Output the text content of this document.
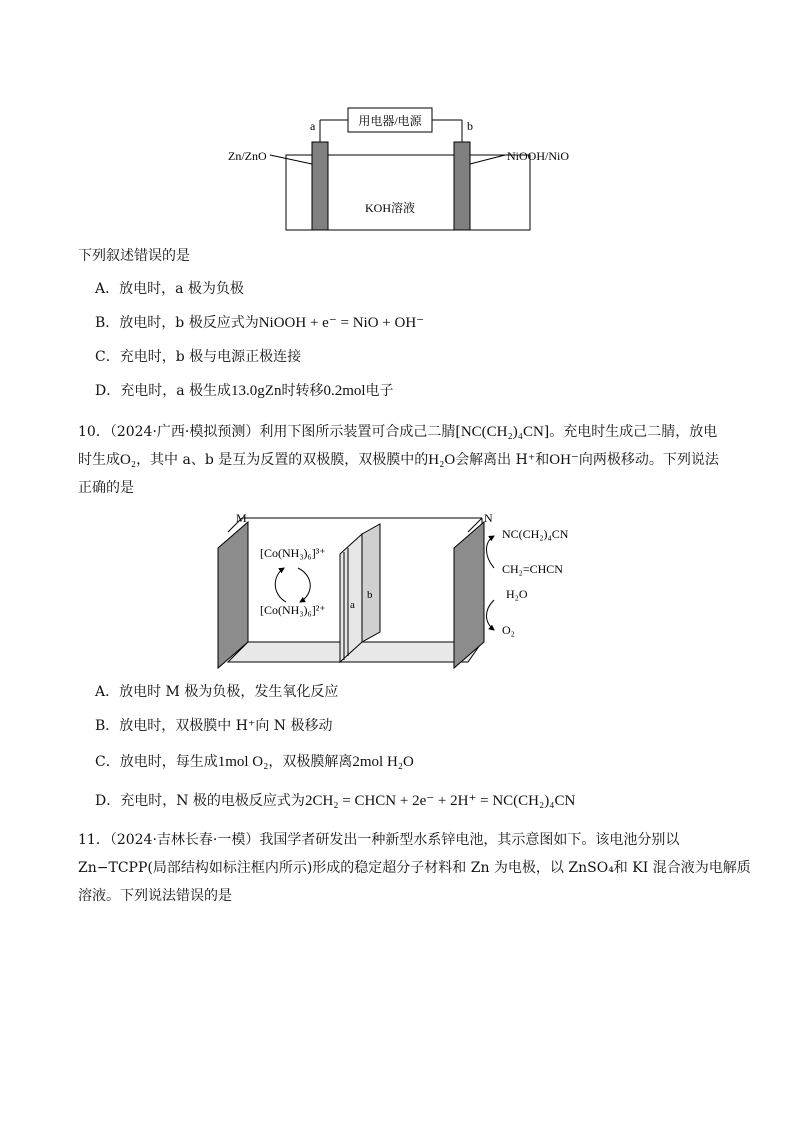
用电器/电源
a	b
Zn/ZnO	NiOOH/NiO
KOH溶液
下列叙述错误的是
A．放电时，a 极为负极
B．放电时，b 极反应式为NiOOH + e⁻ = NiO + OH⁻
C．充电时，b 极与电源正极连接
D．充电时，a 极生成13.0gZn时转移0.2mol电子
10．（2024·广西·模拟预测）利用下图所示装置可合成己二腈[NC(CH₂)₄CN]。充电时生成己二腈，放电
时生成O₂，其中 a、b 是互为反置的双极膜，双极膜中的H₂O会解离出 H⁺和OH⁻向两极移动。下列说法
正确的是
a
b
M	N
[Co(NH₃)₆]³⁺
[Co(NH₃)₆]²⁺
NC(CH₂)₄CN
CH₂=CHCN
H₂O
O₂
A．放电时 M 极为负极，发生氧化反应
B．放电时，双极膜中 H⁺向 N 极移动
C．放电时，每生成1mol O₂，双极膜解离2mol H₂O
D．充电时，N 极的电极反应式为2CH₂ = CHCN + 2e⁻ + 2H⁺ = NC(CH₂)₄CN
11．（2024·吉林长春·一模）我国学者研发出一种新型水系锌电池，其示意图如下。该电池分别以
Zn−TCPP(局部结构如标注框内所示)形成的稳定超分子材料和 Zn 为电极，以 ZnSO₄和 KI 混合液为电解质
溶液。下列说法错误的是
